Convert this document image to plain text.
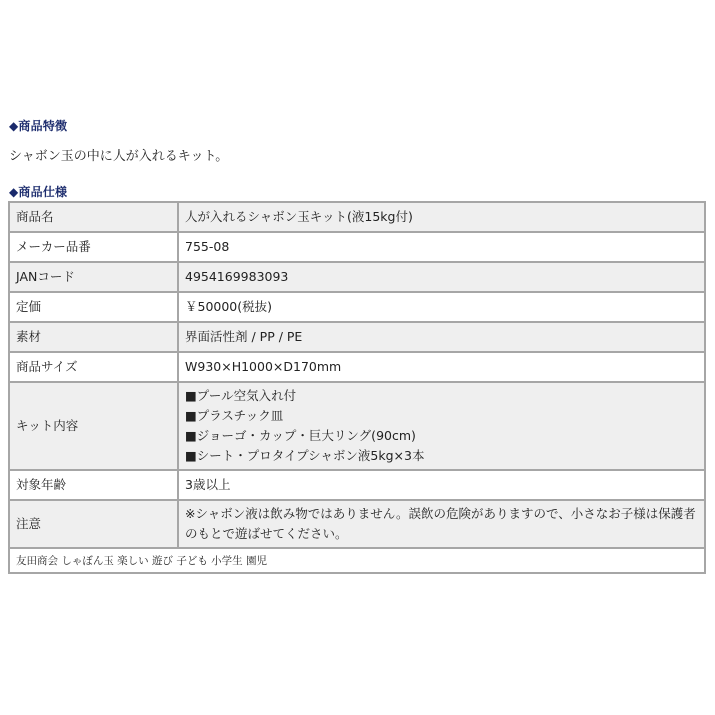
◆商品特徴
シャボン玉の中に人が入れるキット。
◆商品仕様
商品名	人が入れるシャボン玉キット(液15kg付)
メーカー品番	755-08
JANコード	4954169983093
定価	￥50000(税抜)
素材	界面活性剤 / PP / PE
商品サイズ	W930×H1000×D170mm
キット内容	■プール空気入れ付
■プラスチック皿
■ジョーゴ・カップ・巨大リング(90cm)
■シート・プロタイプシャボン液5kg×3本

対象年齢	3歳以上
注意	※シャボン液は飲み物ではありません。誤飲の危険がありますので、小さなお子様は保護者のもとで遊ばせてください。
友田商会 しゃぼん玉 楽しい 遊び 子ども 小学生 園児	
